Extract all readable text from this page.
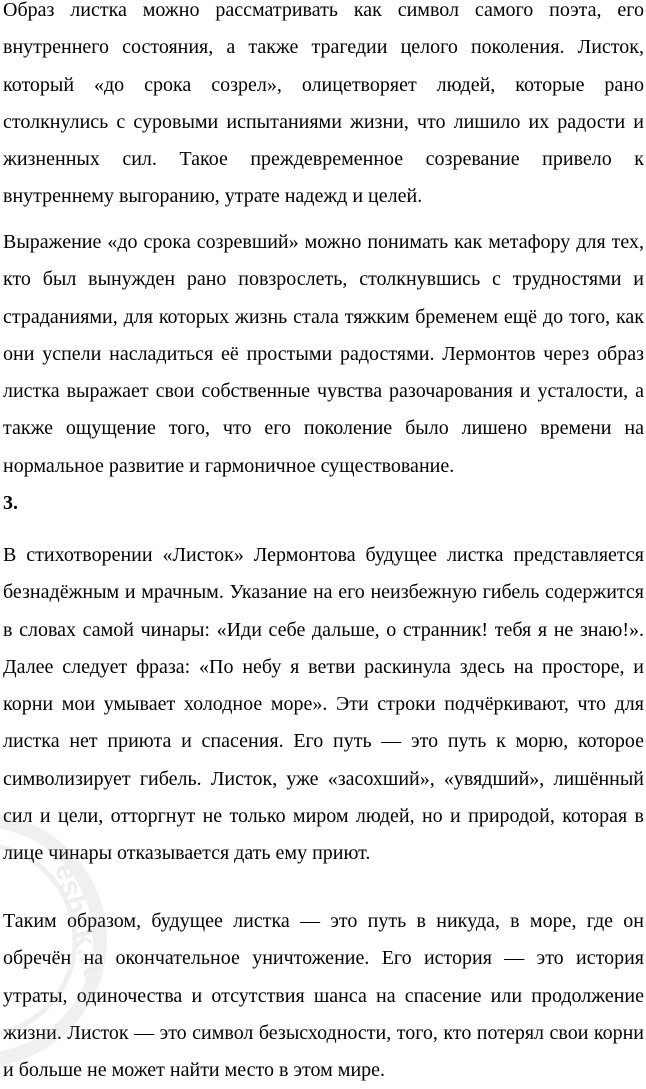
Образ листка можно рассматривать как символ самого поэта, его внутреннего состояния, а также трагедии целого поколения. Листок, который «до срока созрел», олицетворяет людей, которые рано столкнулись с суровыми испытаниями жизни, что лишило их радости и жизненных сил. Такое преждевременное созревание привело к внутреннему выгоранию, утрате надежд и целей.

Выражение «до срока созревший» можно понимать как метафору для тех, кто был вынужден рано повзрослеть, столкнувшись с трудностями и страданиями, для которых жизнь стала тяжким бременем ещё до того, как они успели насладиться её простыми радостями. Лермонтов через образ листка выражает свои собственные чувства разочарования и усталости, а также ощущение того, что его поколение было лишено времени на нормальное развитие и гармоничное существование.

3.

В стихотворении «Листок» Лермонтова будущее листка представляется безнадёжным и мрачным. Указание на его неизбежную гибель содержится в словах самой чинары: «Иди себе дальше, о странник! тебя я не знаю!». Далее следует фраза: «По небу я ветви раскинула здесь на просторе, и корни мои умывает холодное море». Эти строки подчёркивают, что для листка нет приюта и спасения. Его путь — это путь к морю, которое символизирует гибель. Листок, уже «засохший», «увядший», лишённый сил и цели, отторгнут не только миром людей, но и природой, которая в лице чинары отказывается дать ему приют.

Таким образом, будущее листка — это путь в никуда, в море, где он обречён на окончательное уничтожение. Его история — это история утраты, одиночества и отсутствия шанса на спасение или продолжение жизни. Листок — это символ безысходности, того, кто потерял свои корни и больше не может найти место в этом мире.

reshak.ru
